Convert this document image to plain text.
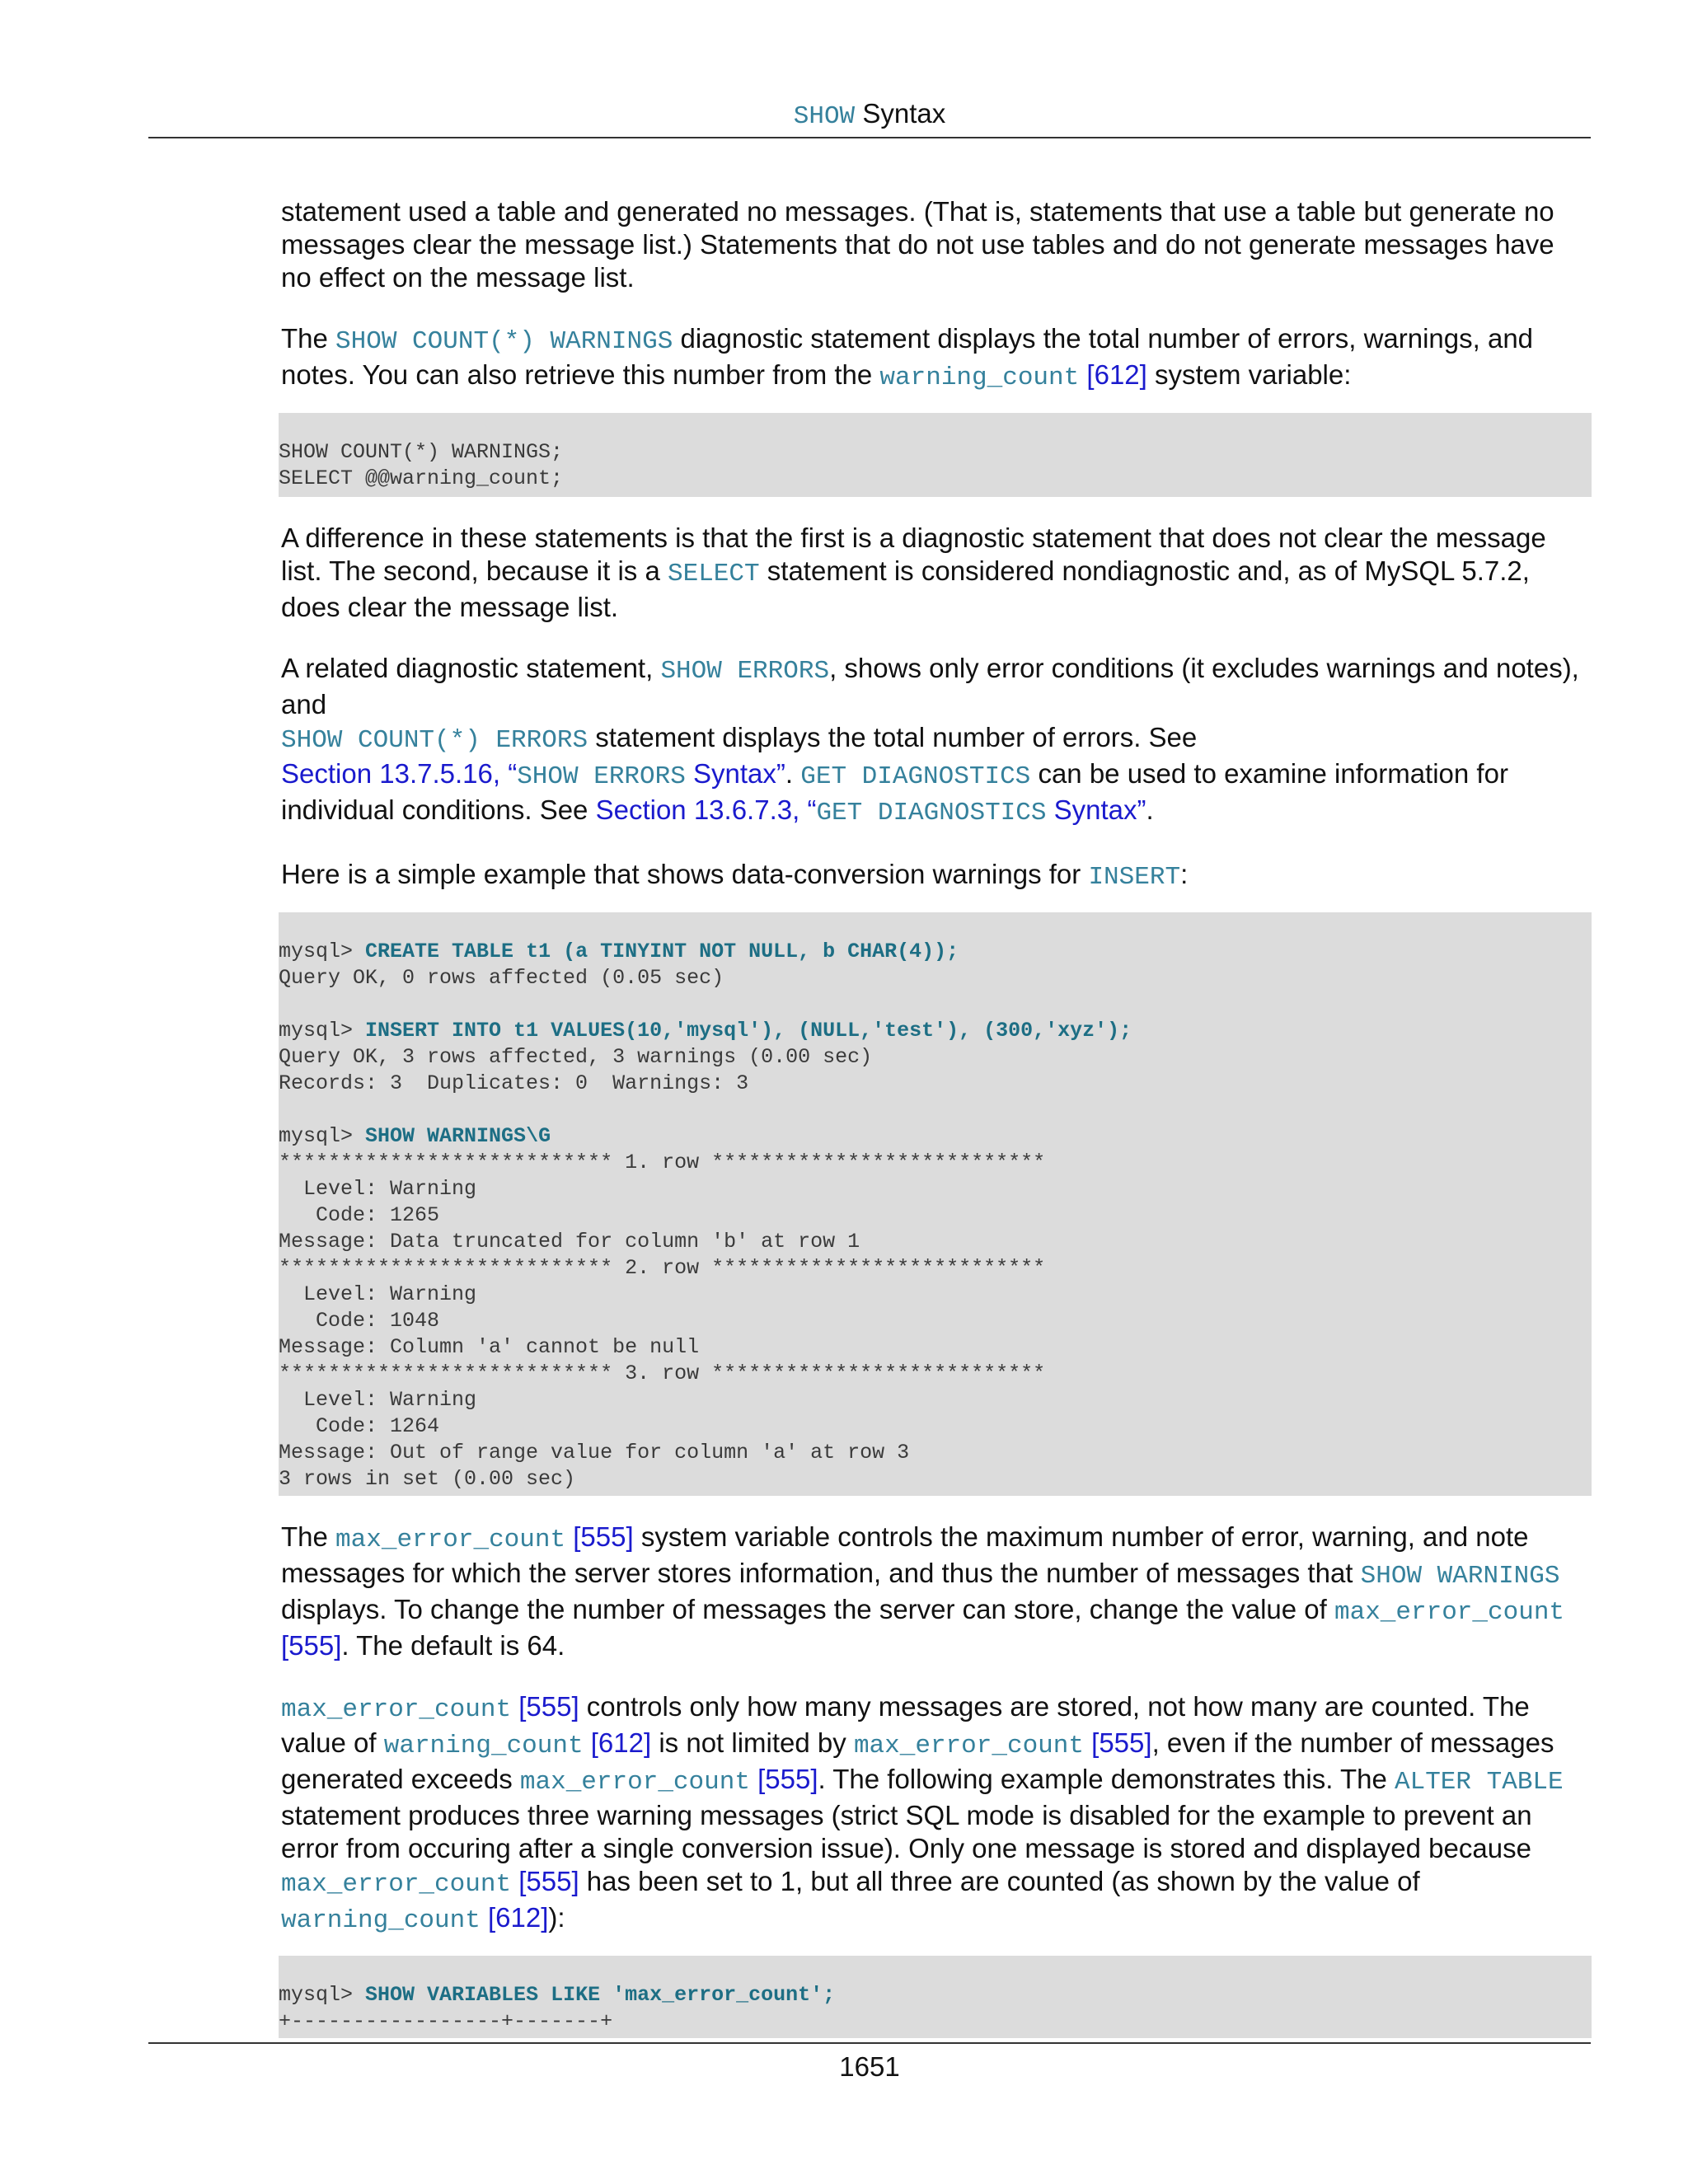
SHOW Syntax

statement used a table and generated no messages. (That is, statements that use a table but generate no messages clear the message list.) Statements that do not use tables and do not generate messages have no effect on the message list.

The SHOW COUNT(*) WARNINGS diagnostic statement displays the total number of errors, warnings, and notes. You can also retrieve this number from the warning_count [612] system variable:

SHOW COUNT(*) WARNINGS;
SELECT @@warning_count;

A difference in these statements is that the first is a diagnostic statement that does not clear the message list. The second, because it is a SELECT statement is considered nondiagnostic and, as of MySQL 5.7.2, does clear the message list.

A related diagnostic statement, SHOW ERRORS, shows only error conditions (it excludes warnings and notes), and
SHOW COUNT(*) ERRORS statement displays the total number of errors. See
Section 13.7.5.16, “SHOW ERRORS Syntax”. GET DIAGNOSTICS can be used to examine information for individual conditions. See Section 13.6.7.3, “GET DIAGNOSTICS Syntax”.

Here is a simple example that shows data-conversion warnings for INSERT:

mysql> CREATE TABLE t1 (a TINYINT NOT NULL, b CHAR(4));
Query OK, 0 rows affected (0.05 sec)
mysql> INSERT INTO t1 VALUES(10,'mysql'), (NULL,'test'), (300,'xyz');
Query OK, 3 rows affected, 3 warnings (0.00 sec)
Records: 3  Duplicates: 0  Warnings: 3
mysql> SHOW WARNINGS\G
*************************** 1. row ***************************
Level: Warning
Code: 1265
Message: Data truncated for column 'b' at row 1
*************************** 2. row ***************************
Level: Warning
Code: 1048
Message: Column 'a' cannot be null
*************************** 3. row ***************************
Level: Warning
Code: 1264
Message: Out of range value for column 'a' at row 3
3 rows in set (0.00 sec)

The max_error_count [555] system variable controls the maximum number of error, warning, and note messages for which the server stores information, and thus the number of messages that SHOW WARNINGS displays. To change the number of messages the server can store, change the value of max_error_count [555]. The default is 64.

max_error_count [555] controls only how many messages are stored, not how many are counted. The value of warning_count [612] is not limited by max_error_count [555], even if the number of messages generated exceeds max_error_count [555]. The following example demonstrates this. The ALTER TABLE statement produces three warning messages (strict SQL mode is disabled for the example to prevent an error from occuring after a single conversion issue). Only one message is stored and displayed because max_error_count [555] has been set to 1, but all three are counted (as shown by the value of warning_count [612]):

mysql> SHOW VARIABLES LIKE 'max_error_count';
+-----------------+-------+
1651
